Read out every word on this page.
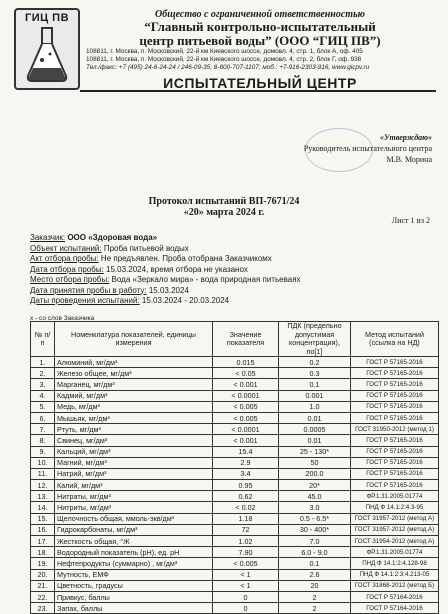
ГИЦ ПВ	Общество с ограниченной ответственностью
“Главный контрольно-испытательный
центр питьевой воды” (ООО “ГИЦ ПВ”)
108811, г. Москва, п. Московский, 22-й км Киевского шоссе, домовл. 4, стр. 1, блок А, оф. 405
108811, г. Москва, п. Московский, 22-й км Киевского шоссе, домовл. 4, стр. 2, блок Г, оф. 938
Тел./факс: +7 (495) 24-6-24-24 / 246-09-35; 8-800-707-1107; моб.: +7-916-2303-916, www.gicpv.ru
ИСПЫТАТЕЛЬНЫЙ ЦЕНТР
«Утверждаю»
Руководитель испытательного центра
М.В. Морина
Протокол испытаний ВП-7671/24
«20» марта 2024 г.
Лист 1 из 2
Заказчик: ООО «Здоровая вода»
Объект испытаний: Проба питьевой водыx
Акт отбора пробы: Не предъявлен. Проба отобрана Заказчикомx
Дата отбора пробы: 15.03.2024, время отбора не указаноx
Место отбора пробы: Вода «Зеркало мира» - вода природная питьеваяx
Дата принятия пробы в работу: 15.03.2024
Даты проведения испытаний: 15.03.2024 - 20.03.2024
x - со слов Заказчика
№ п/п	Номенклатура показателей, единицы измерения	Значение показателя	ПДК (предельно допустимая концентрация), по[1]	Метод испытаний (ссылка на НД)
1.	Алюминий, мг/дм³	0.015	0.2	ГОСТ Р 57165-2016
2.	Железо общее, мг/дм³	< 0.05	0.3	ГОСТ Р 57165-2016
3.	Марганец, мг/дм³	< 0.001	0.1	ГОСТ Р 57165-2016
4.	Кадмий, мг/дм³	< 0.0001	0.001	ГОСТ Р 57165-2016
5.	Медь, мг/дм³	< 0.005	1.0	ГОСТ Р 57165-2016
6.	Мышьяк, мг/дм³	< 0.005	0.01	ГОСТ Р 57165-2016
7.	Ртуть, мг/дм³	< 0.0001	0.0005	ГОСТ 31950-2012 (метод 1)
8.	Свинец, мг/дм³	< 0.001	0.01	ГОСТ Р 57165-2016
9.	Кальций, мг/дм³	15.4	25 - 130*	ГОСТ Р 57165-2016
10.	Магний, мг/дм³	2.9	50	ГОСТ Р 57165-2016
11.	Натрий, мг/дм³	3.4	200.0	ГОСТ Р 57165-2016
12.	Калий, мг/дм³	0.95	20*	ГОСТ Р 57165-2016
13.	Нитраты, мг/дм³	0.62	45.0	ФР.1.31.2005.01774
14.	Нитриты, мг/дм³	< 0.02	3.0	ПНД Ф 14.1:2:4.3-95
15.	Щелочность общая, ммоль-экв/дм³	1.18	0.5 - 6.5*	ГОСТ 31957-2012 (метод А)
16.	Гидрокарбонаты, мг/дм³	72	30 - 400*	ГОСТ 31957-2012 (метод А)
17.	Жесткость общая, °Ж	1.02	7.0	ГОСТ 31954-2012 (метод А)
18.	Водородный показатель (pH), ед. pH	7.90	6.0 - 9.0	ФР.1.31.2005.01774
19.	Нефтепродукты (суммарно) , мг/дм³	< 0.005	0.1	ПНД Ф 14.1:2:4.128-98
20.	Мутность, ЕМФ	< 1	2.6	ПНД Ф 14.1:2:3:4.213-05
21.	Цветность, градусы	< 1	20	ГОСТ 31868-2012 (метод Б)
22.	Привкус, баллы	0	2	ГОСТ Р 57164-2016
23.	Запах, баллы	0	2	ГОСТ Р 57164-2016
